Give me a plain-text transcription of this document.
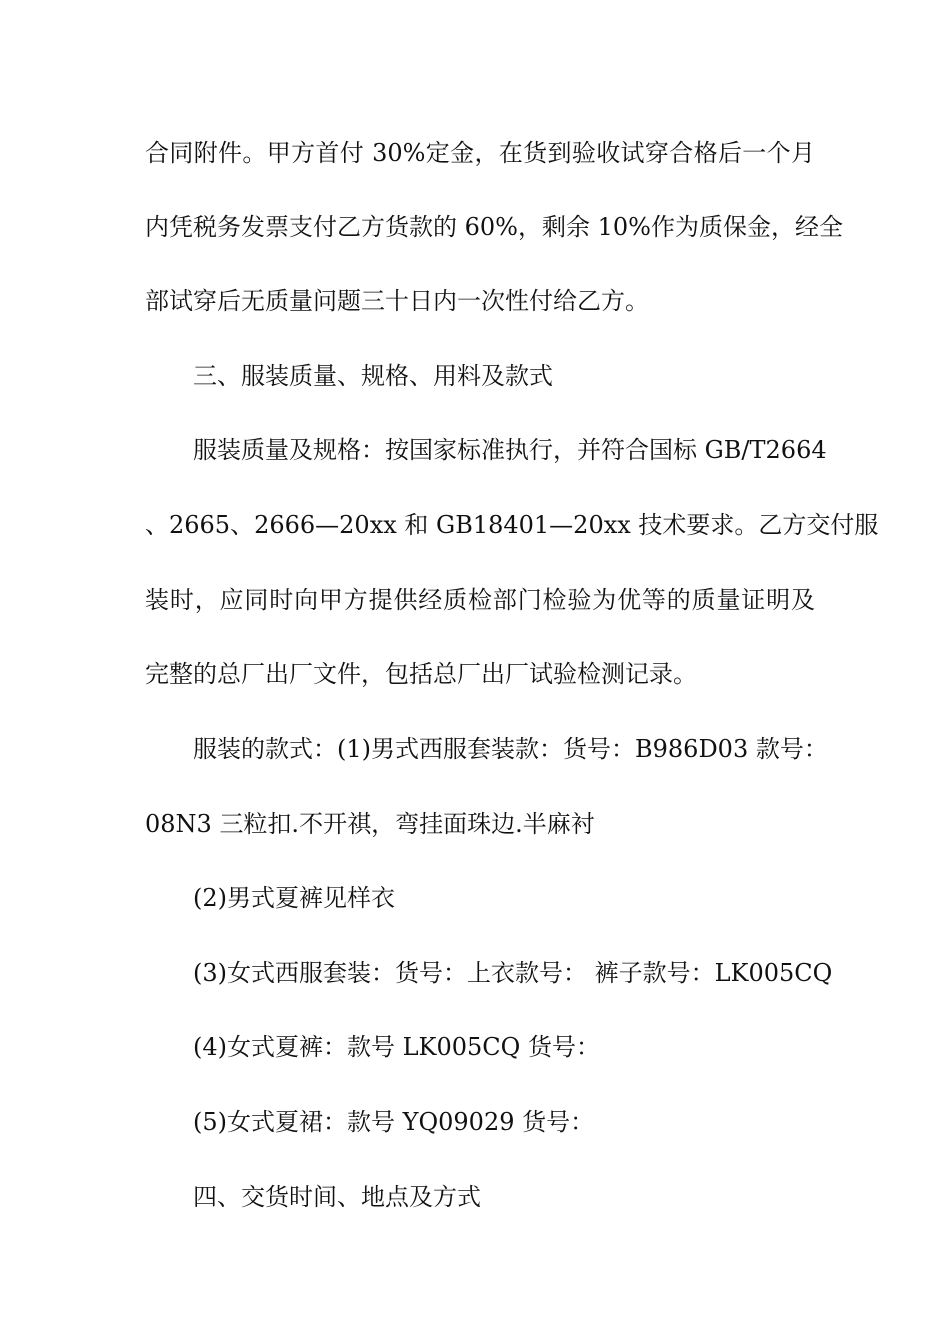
合同附件。甲方首付 30%定金，在货到验收试穿合格后一个月
内凭税务发票支付乙方货款的 60%，剩余 10%作为质保金，经全
部试穿后无质量问题三十日内一次性付给乙方。
三、服装质量、规格、用料及款式
服装质量及规格：按国家标准执行，并符合国标 GB/T2664
、2665、2666—20xx 和 GB18401—20xx 技术要求。乙方交付服
装时，应同时向甲方提供经质检部门检验为优等的质量证明及
完整的总厂出厂文件，包括总厂出厂试验检测记录。
服装的款式：(1)男式西服套装款：货号：B986D03 款号：
08N3 三粒扣.不开祺，弯挂面珠边.半麻衬
(2)男式夏裤见样衣
(3)女式西服套装：货号：上衣款号： 裤子款号：LK005CQ
(4)女式夏裤：款号 LK005CQ 货号：
(5)女式夏裙：款号 YQ09029 货号：
四、交货时间、地点及方式
